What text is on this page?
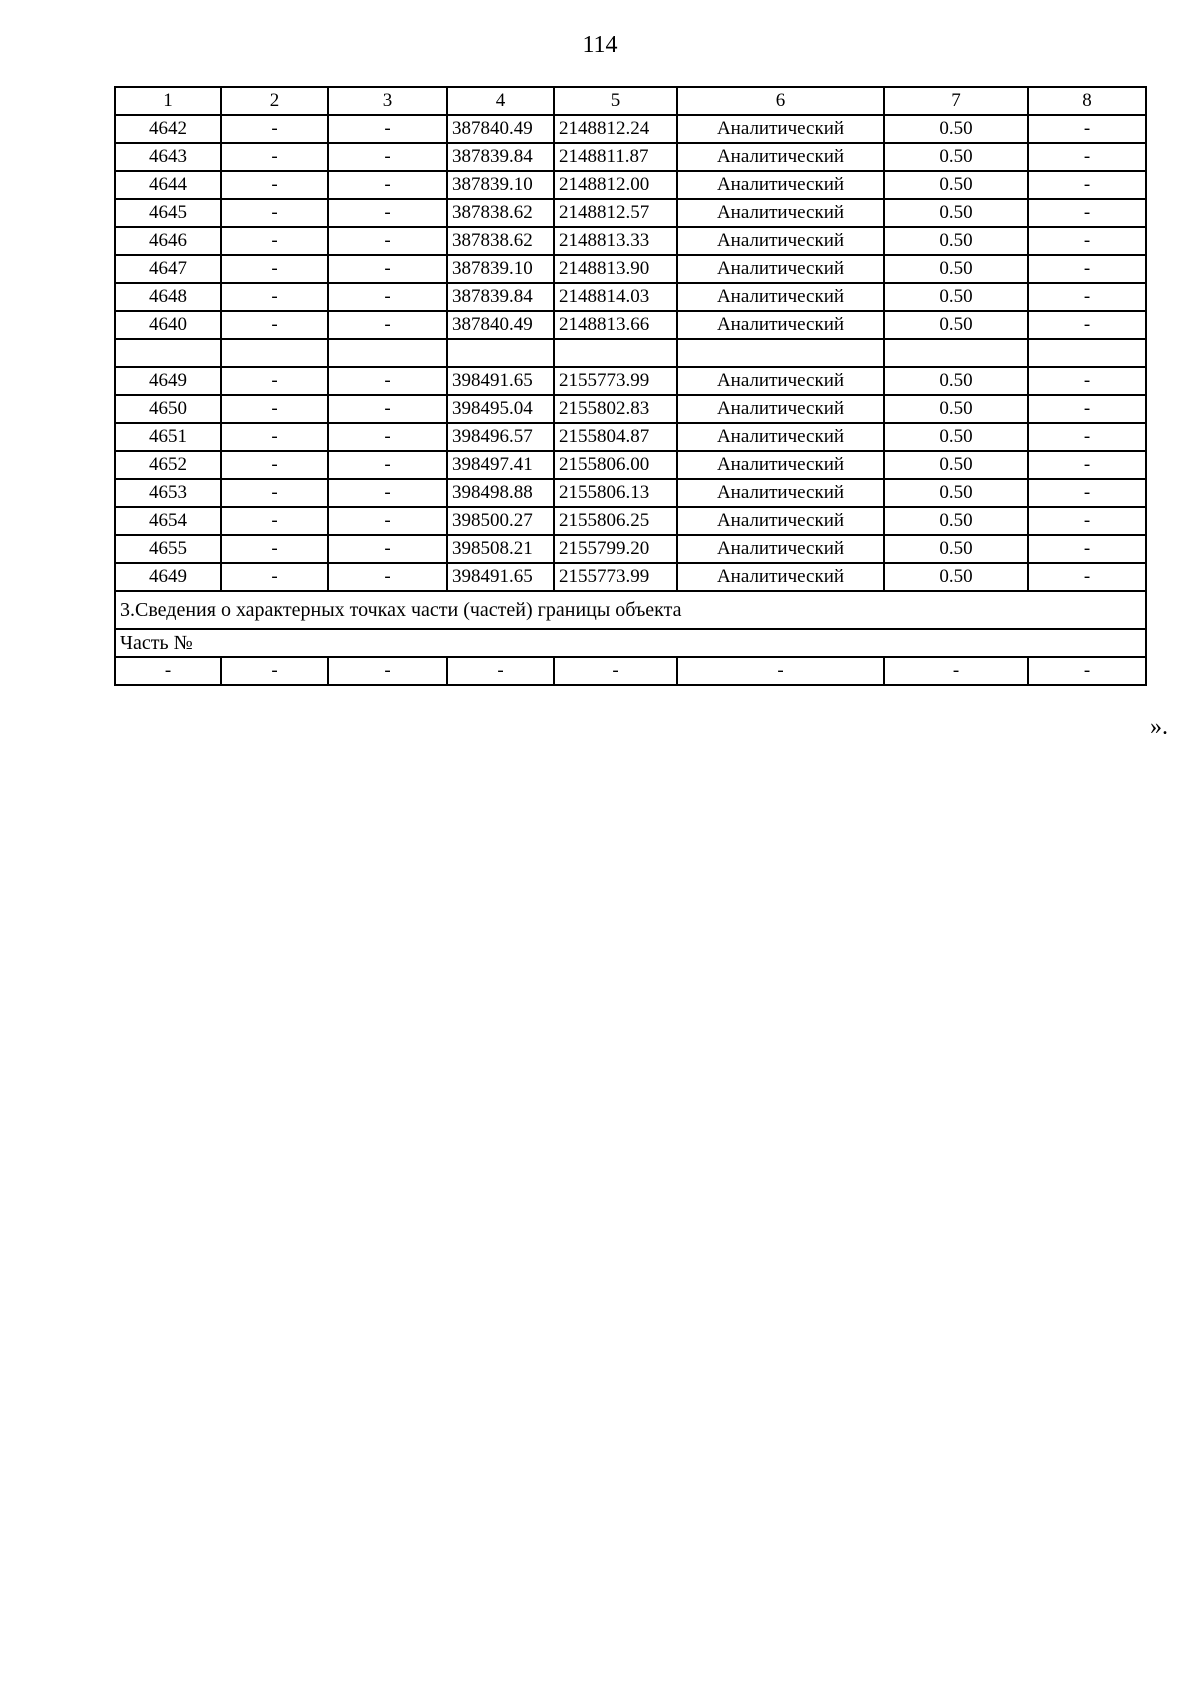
114
1	2	3	4	5	6	7	8
4642	-	-	387840.49	2148812.24	Аналитический	0.50	-
4643	-	-	387839.84	2148811.87	Аналитический	0.50	-
4644	-	-	387839.10	2148812.00	Аналитический	0.50	-
4645	-	-	387838.62	2148812.57	Аналитический	0.50	-
4646	-	-	387838.62	2148813.33	Аналитический	0.50	-
4647	-	-	387839.10	2148813.90	Аналитический	0.50	-
4648	-	-	387839.84	2148814.03	Аналитический	0.50	-
4640	-	-	387840.49	2148813.66	Аналитический	0.50	-

4649	-	-	398491.65	2155773.99	Аналитический	0.50	-
4650	-	-	398495.04	2155802.83	Аналитический	0.50	-
4651	-	-	398496.57	2155804.87	Аналитический	0.50	-
4652	-	-	398497.41	2155806.00	Аналитический	0.50	-
4653	-	-	398498.88	2155806.13	Аналитический	0.50	-
4654	-	-	398500.27	2155806.25	Аналитический	0.50	-
4655	-	-	398508.21	2155799.20	Аналитический	0.50	-
4649	-	-	398491.65	2155773.99	Аналитический	0.50	-
3.Сведения о характерных точках части (частей) границы объекта							
Часть №							
-	-	-	-	-	-	-	-
».
